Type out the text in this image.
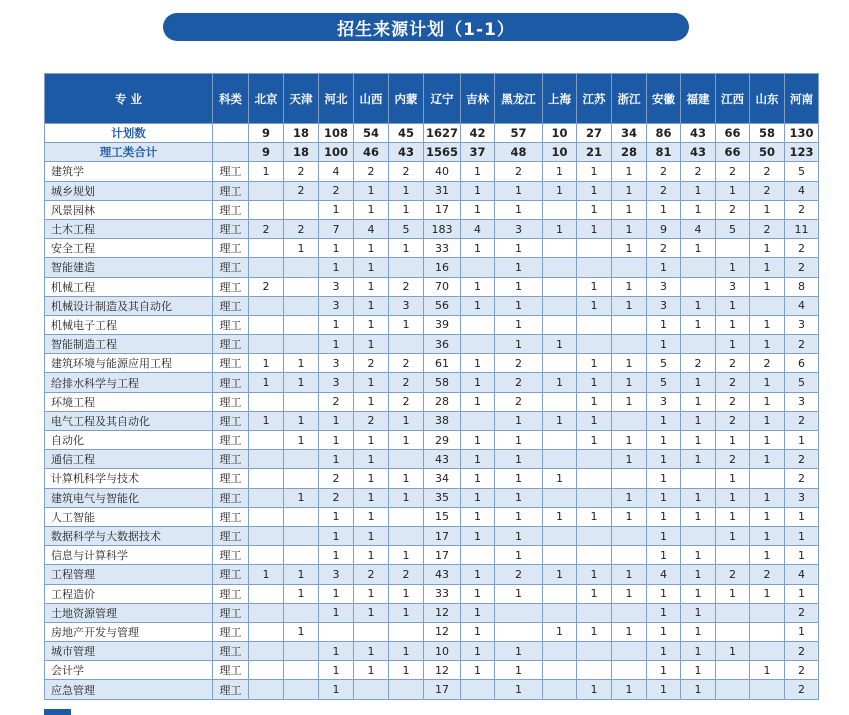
招生来源计划（1-1）
专 业	科类	北京	天津	河北	山西	内蒙	辽宁	吉林	黑龙江	上海	江苏	浙江	安徽	福建	江西	山东	河南
计划数		9	18	108	54	45	1627	42	57	10	27	34	86	43	66	58	130
理工类合计		9	18	100	46	43	1565	37	48	10	21	28	81	43	66	50	123
建筑学	理工	1	2	4	2	2	40	1	2	1	1	1	2	2	2	2	5
城乡规划	理工		2	2	1	1	31	1	1	1	1	1	2	1	1	2	4
风景园林	理工			1	1	1	17	1	1		1	1	1	1	2	1	2
土木工程	理工	2	2	7	4	5	183	4	3	1	1	1	9	4	5	2	11
安全工程	理工		1	1	1	1	33	1	1			1	2	1		1	2
智能建造	理工			1	1		16		1				1		1	1	2
机械工程	理工	2		3	1	2	70	1	1		1	1	3		3	1	8
机械设计制造及其自动化	理工			3	1	3	56	1	1		1	1	3	1	1		4
机械电子工程	理工			1	1	1	39		1				1	1	1	1	3
智能制造工程	理工			1	1		36		1	1			1		1	1	2
建筑环境与能源应用工程	理工	1	1	3	2	2	61	1	2		1	1	5	2	2	2	6
给排水科学与工程	理工	1	1	3	1	2	58	1	2	1	1	1	5	1	2	1	5
环境工程	理工			2	1	2	28	1	2		1	1	3	1	2	1	3
电气工程及其自动化	理工	1	1	1	2	1	38		1	1	1		1	1	2	1	2
自动化	理工		1	1	1	1	29	1	1		1	1	1	1	1	1	1
通信工程	理工			1	1		43	1	1			1	1	1	2	1	2
计算机科学与技术	理工			2	1	1	34	1	1	1			1		1		2
建筑电气与智能化	理工		1	2	1	1	35	1	1			1	1	1	1	1	3
人工智能	理工			1	1		15	1	1	1	1	1	1	1	1	1	1
数据科学与大数据技术	理工			1	1		17	1	1				1		1	1	1
信息与计算科学	理工			1	1	1	17		1				1	1		1	1
工程管理	理工	1	1	3	2	2	43	1	2	1	1	1	4	1	2	2	4
工程造价	理工		1	1	1	1	33	1	1		1	1	1	1	1	1	1
土地资源管理	理工			1	1	1	12	1					1	1			2
房地产开发与管理	理工		1				12	1		1	1	1	1	1			1
城市管理	理工			1	1	1	10	1	1				1	1	1		2
会计学	理工			1	1	1	12	1	1				1	1		1	2
应急管理	理工			1			17		1		1	1	1	1			2
